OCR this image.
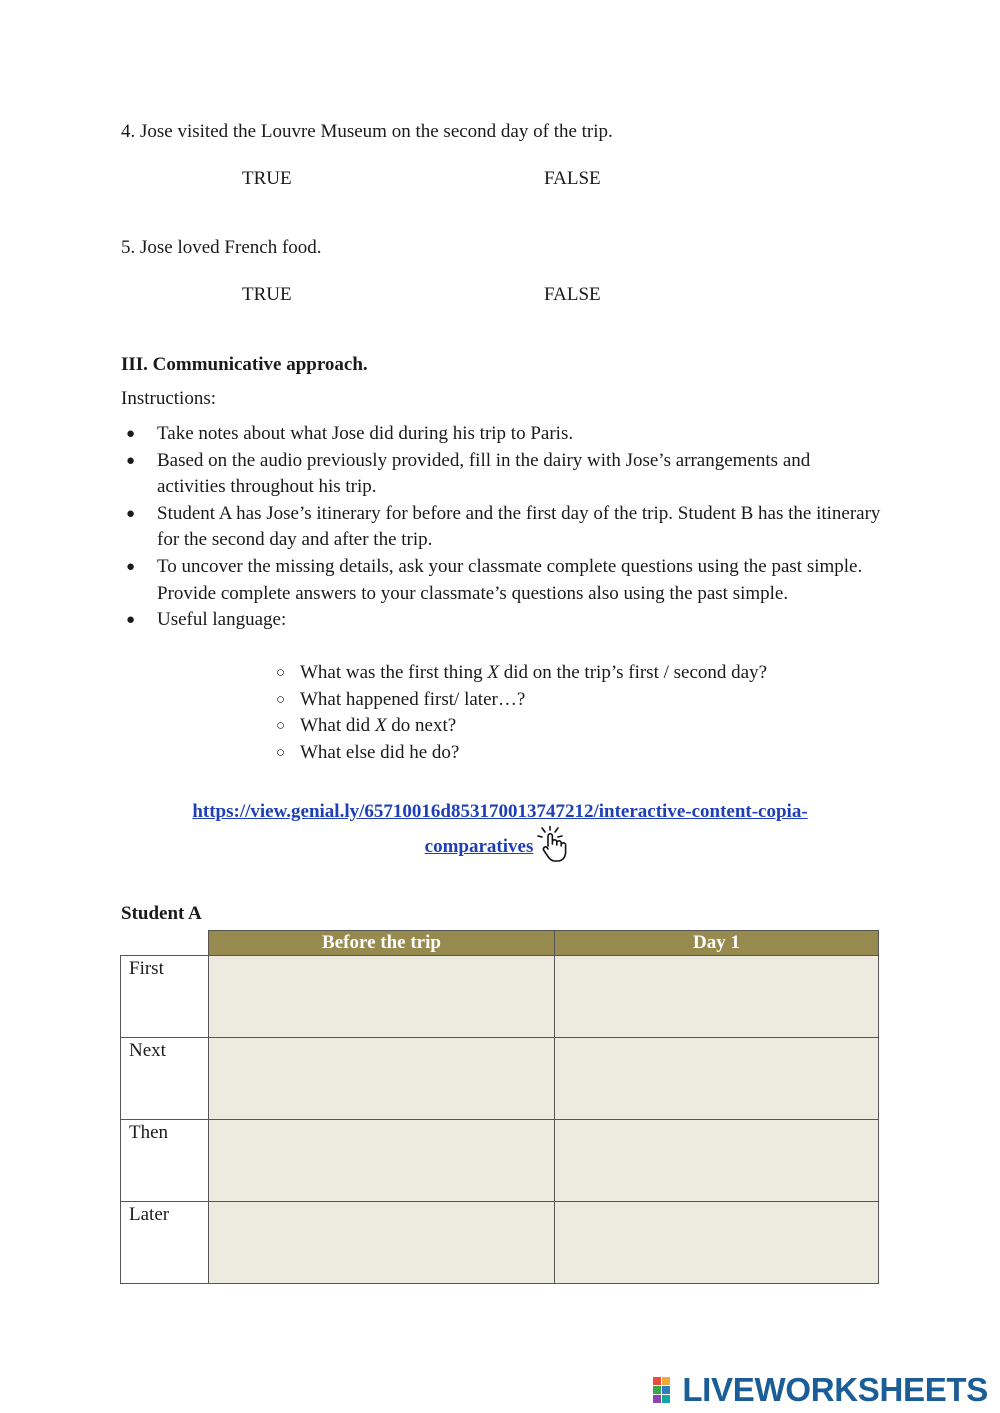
4. Jose visited the Louvre Museum on the second day of the trip.
TRUE	FALSE
5. Jose loved French food.
TRUE	FALSE
III. Communicative approach.
Instructions:
● Take notes about what Jose did during his trip to Paris.
● Based on the audio previously provided, fill in the dairy with Jose’s arrangements and activities throughout his trip.
● Student A has Jose’s itinerary for before and the first day of the trip. Student B has the itinerary for the second day and after the trip.
● To uncover the missing details, ask your classmate complete questions using the past simple. Provide complete answers to your classmate’s questions also using the past simple.
● Useful language:
○ What was the first thing X did on the trip’s first / second day?
○ What happened first/ later…?
○ What did X do next?
○ What else did he do?
https://view.genial.ly/65710016d853170013747212/interactive-content-copia-
comparatives
Student A
	Before the trip	Day 1
First		
Next		
Then		
Later		
LIVEWORKSHEETS
